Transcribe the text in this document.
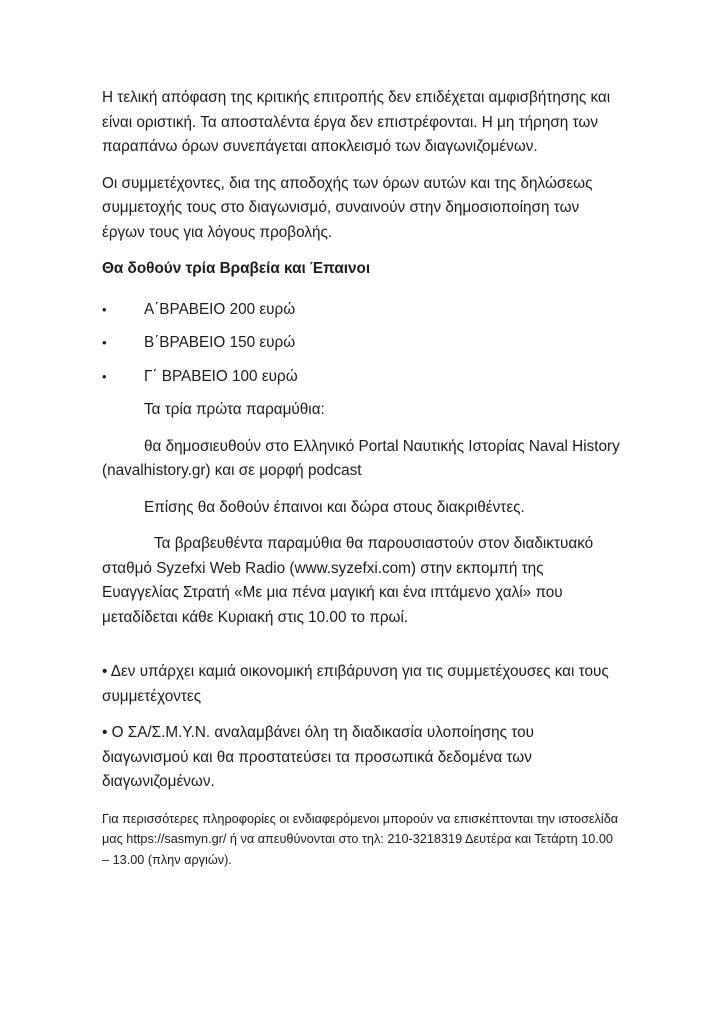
Η τελική απόφαση της κριτικής επιτροπής δεν επιδέχεται αμφισβήτησης και είναι οριστική. Τα αποσταλέντα έργα δεν επιστρέφονται. Η μη τήρηση των παραπάνω όρων συνεπάγεται αποκλεισμό των διαγωνιζομένων.

Οι συμμετέχοντες, δια της αποδοχής των όρων αυτών και της δηλώσεως συμμετοχής τους στο διαγωνισμό, συναινούν στην δημοσιοποίηση των έργων τους για λόγους προβολής.

Θα δοθούν τρία Βραβεία και Έπαινοι

•	Α΄ΒΡΑΒΕΙΟ 200 ευρώ
•	Β΄ΒΡΑΒΕΙΟ 150 ευρώ
•	Γ΄ ΒΡΑΒΕΙΟ 100 ευρώ

Τα τρία πρώτα παραμύθια:

θα δημοσιευθούν στο Ελληνικό Portal Ναυτικής Ιστορίας Naval History (navalhistory.gr) και σε μορφή podcast

Επίσης θα δοθούν έπαινοι και δώρα στους διακριθέντες.

Τα βραβευθέντα παραμύθια θα παρουσιαστούν στον διαδικτυακό σταθμό Syzefxi Web Radio (www.syzefxi.com) στην εκπομπή της Ευαγγελίας Στρατή «Με μια πένα μαγική και ένα ιπτάμενο χαλί» που μεταδίδεται κάθε Κυριακή στις 10.00 το πρωί.

• Δεν υπάρχει καμιά οικονομική επιβάρυνση για τις συμμετέχουσες και τους συμμετέχοντες

• Ο ΣΑ/Σ.Μ.Υ.Ν. αναλαμβάνει όλη τη διαδικασία υλοποίησης του διαγωνισμού και θα προστατεύσει τα προσωπικά δεδομένα των διαγωνιζομένων.

Για περισσότερες πληροφορίες οι ενδιαφερόμενοι μπορούν να επισκέπτονται την ιστοσελίδα μας https://sasmyn.gr/ ή να απευθύνονται στο τηλ: 210-3218319 Δευτέρα και Τετάρτη 10.00 – 13.00 (πλην αργιών).
